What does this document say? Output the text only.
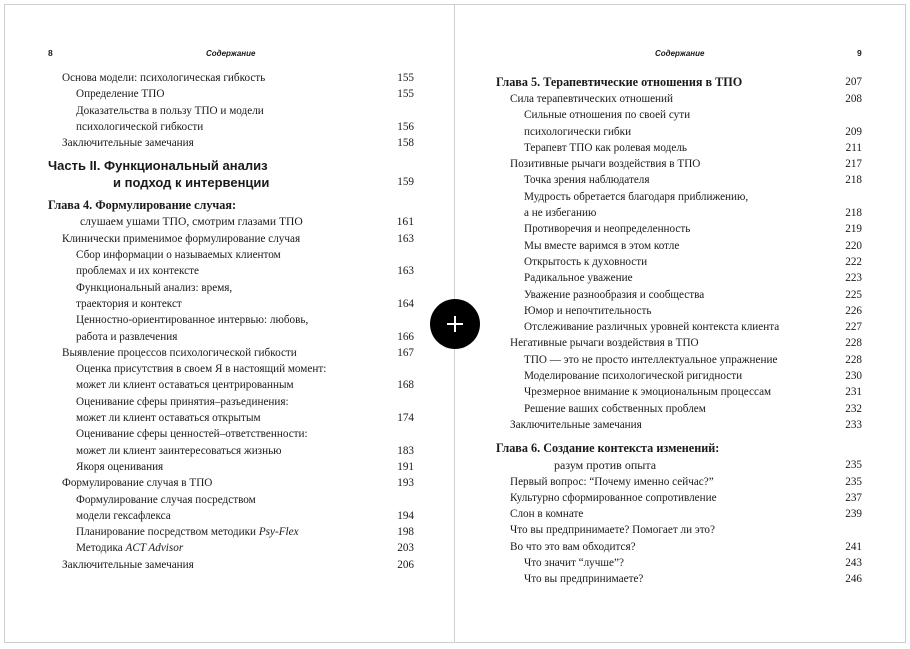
8	Содержание
Основа модели: психологическая гибкость	155
Определение ТПО	155
Доказательства в пользу ТПО и модели
психологической гибкости	156
Заключительные замечания	158
Часть II. Функциональный анализ
и подход к интервенции	159
Глава 4. Формулирование случая:
слушаем ушами ТПО, смотрим глазами ТПО	161
Клинически применимое формулирование случая	163
Сбор информации о называемых клиентом
проблемах и их контексте	163
Функциональный анализ: время,
траектория и контекст	164
Ценностно-ориентированное интервью: любовь,
работа и развлечения	166
Выявление процессов психологической гибкости	167
Оценка присутствия в своем Я в настоящий момент:
может ли клиент оставаться центрированным	168
Оценивание сферы принятия–разъединения:
может ли клиент оставаться открытым	174
Оценивание сферы ценностей–ответственности:
может ли клиент заинтересоваться жизнью	183
Якоря оценивания	191
Формулирование случая в ТПО	193
Формулирование случая посредством
модели гексафлекса	194
Планирование посредством методики Psy-Flex	198
Методика ACT Advisor	203
Заключительные замечания	206
Содержание	9
Глава 5. Терапевтические отношения в ТПО	207
Сила терапевтических отношений	208
Сильные отношения по своей сути
психологически гибки	209
Терапевт ТПО как ролевая модель	211
Позитивные рычаги воздействия в ТПО	217
Точка зрения наблюдателя	218
Мудрость обретается благодаря приближению,
а не избеганию	218
Противоречия и неопределенность	219
Мы вместе варимся в этом котле	220
Открытость к духовности	222
Радикальное уважение	223
Уважение разнообразия и сообщества	225
Юмор и непочтительность	226
Отслеживание различных уровней контекста клиента	227
Негативные рычаги воздействия в ТПО	228
ТПО — это не просто интеллектуальное упражнение	228
Моделирование психологической ригидности	230
Чрезмерное внимание к эмоциональным процессам	231
Решение ваших собственных проблем	232
Заключительные замечания	233
Глава 6. Создание контекста изменений:
разум против опыта	235
Первый вопрос: “Почему именно сейчас?”	235
Культурно сформированное сопротивление	237
Слон в комнате	239
Что вы предпринимаете? Помогает ли это?
Во что это вам обходится?	241
Что значит “лучше”?	243
Что вы предпринимаете?	246
